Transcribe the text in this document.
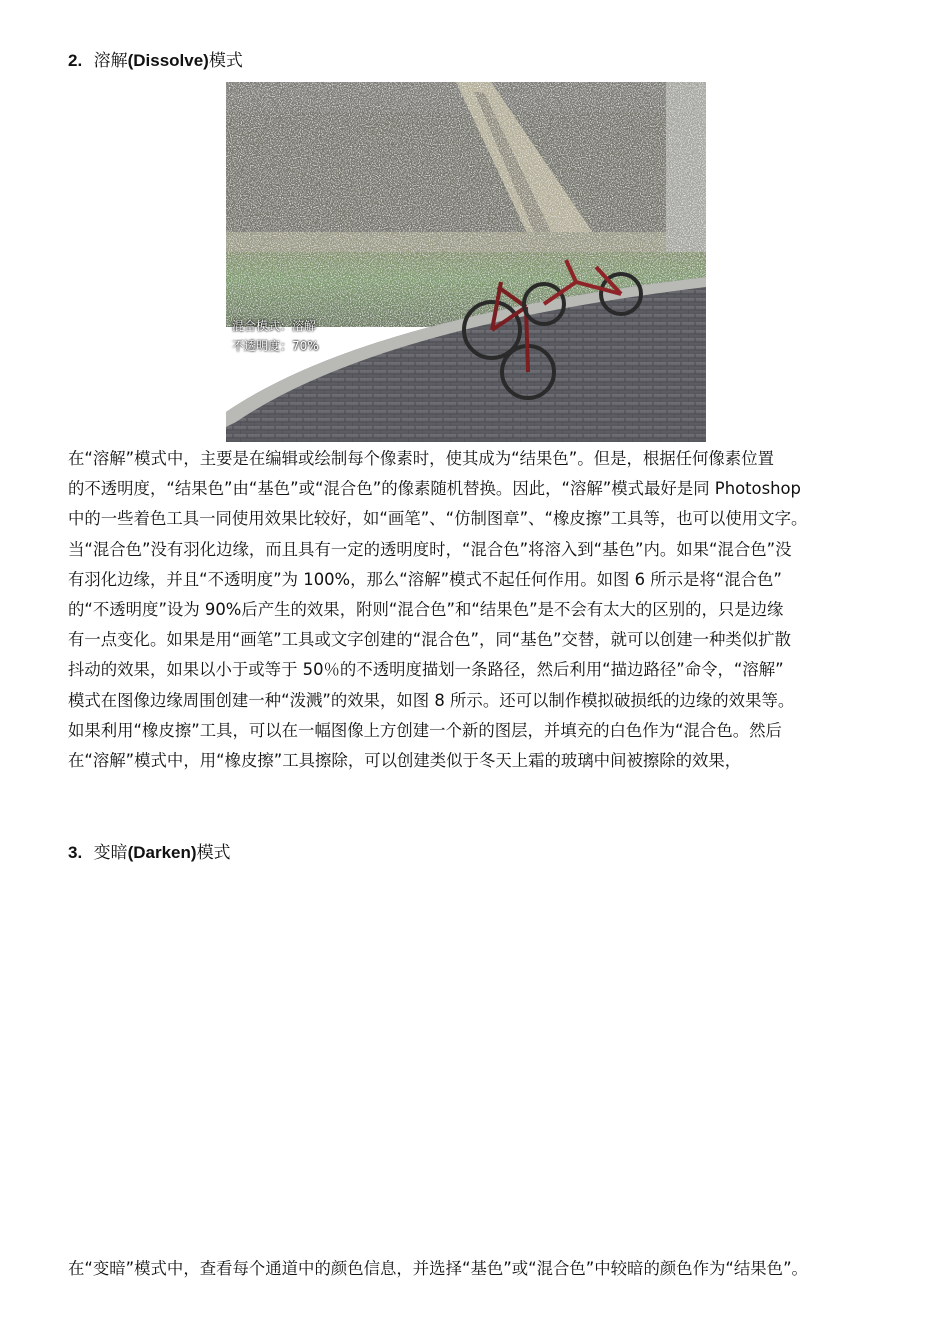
2. 溶解(Dissolve)模式
混合模式：溶解
不透明度：70%
在“溶解”模式中，主要是在编辑或绘制每个像素时，使其成为“结果色”。但是，根据任何像素位置
的不透明度，“结果色”由“基色”或“混合色”的像素随机替换。因此，“溶解”模式最好是同 Photoshop
中的一些着色工具一同使用效果比较好，如“画笔”、“仿制图章”、“橡皮擦”工具等，也可以使用文字。
当“混合色”没有羽化边缘，而且具有一定的透明度时，“混合色”将溶入到“基色”内。如果“混合色”没
有羽化边缘，并且“不透明度”为 100%，那么“溶解”模式不起任何作用。如图 6 所示是将“混合色”
的“不透明度”设为 90%后产生的效果，附则“混合色”和“结果色”是不会有太大的区别的，只是边缘
有一点变化。如果是用“画笔”工具或文字创建的“混合色”，同“基色”交替，就可以创建一种类似扩散
抖动的效果，如果以小于或等于 50％的不透明度描划一条路径，然后利用“描边路径”命令，“溶解”
模式在图像边缘周围创建一种“泼溅”的效果，如图 8 所示。还可以制作模拟破损纸的边缘的效果等。
如果利用“橡皮擦”工具，可以在一幅图像上方创建一个新的图层，并填充的白色作为“混合色。然后
在“溶解”模式中，用“橡皮擦”工具擦除，可以创建类似于冬天上霜的玻璃中间被擦除的效果，
3. 变暗(Darken)模式
在“变暗”模式中，查看每个通道中的颜色信息，并选择“基色”或“混合色”中较暗的颜色作为“结果色”。
